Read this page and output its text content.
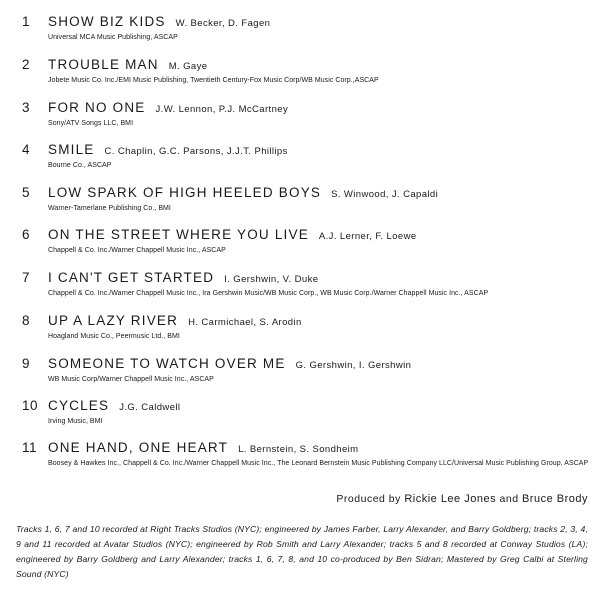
1	SHOW BIZ KIDS W. Becker, D. Fagen
Universal MCA Music Publishing, ASCAP
2	TROUBLE MAN M. Gaye
Jobete Music Co. Inc./EMI Music Publishing, Twentieth Century-Fox Music Corp/WB Music Corp.,ASCAP
3	FOR NO ONE J.W. Lennon, P.J. McCartney
Sony/ATV Songs LLC, BMI
4	SMILE C. Chaplin, G.C. Parsons, J.J.T. Phillips
Bourne Co., ASCAP
5	LOW SPARK OF HIGH HEELED BOYS S. Winwood, J. Capaldi
Warner-Tamerlane Publishing Co., BMI
6	ON THE STREET WHERE YOU LIVE A.J. Lerner, F. Loewe
Chappell & Co. Inc./Warner Chappell Music Inc., ASCAP
7	I CAN'T GET STARTED I. Gershwin, V. Duke
Chappell & Co. Inc./Warner Chappell Music Inc., Ira Gershwin Music/WB Music Corp., WB Music Corp./Warner Chappell Music Inc., ASCAP
8	UP A LAZY RIVER H. Carmichael, S. Arodin
Hoagland Music Co., Peermusic Ltd., BMI
9	SOMEONE TO WATCH OVER ME G. Gershwin, I. Gershwin
WB Music Corp/Warner Chappell Music Inc., ASCAP
10 CYCLES J.G. Caldwell
Irving Music, BMI
11 ONE HAND, ONE HEART L. Bernstein, S. Sondheim
Boosey & Hawkes Inc., Chappell & Co. Inc./Warner Chappell Music Inc., The Leonard Bernstein Music Publishing Company LLC/Universal Music Publishing Group, ASCAP
Produced by Rickie Lee Jones and Bruce Brody
Tracks 1, 6, 7 and 10 recorded at Right Tracks Studios (NYC); engineered by James Farber, Larry Alexander, and Barry Goldberg; tracks 2, 3, 4, 9 and 11 recorded at Avatar Studios (NYC); engineered by Rob Smith and Larry Alexander; tracks 5 and 8 recorded at Conway Studios (LA); engineered by Barry Goldberg and Larry Alexander; tracks 1, 6, 7, 8, and 10 co-produced by Ben Sidran; Mastered by Greg Calbi at Sterling Sound (NYC)
